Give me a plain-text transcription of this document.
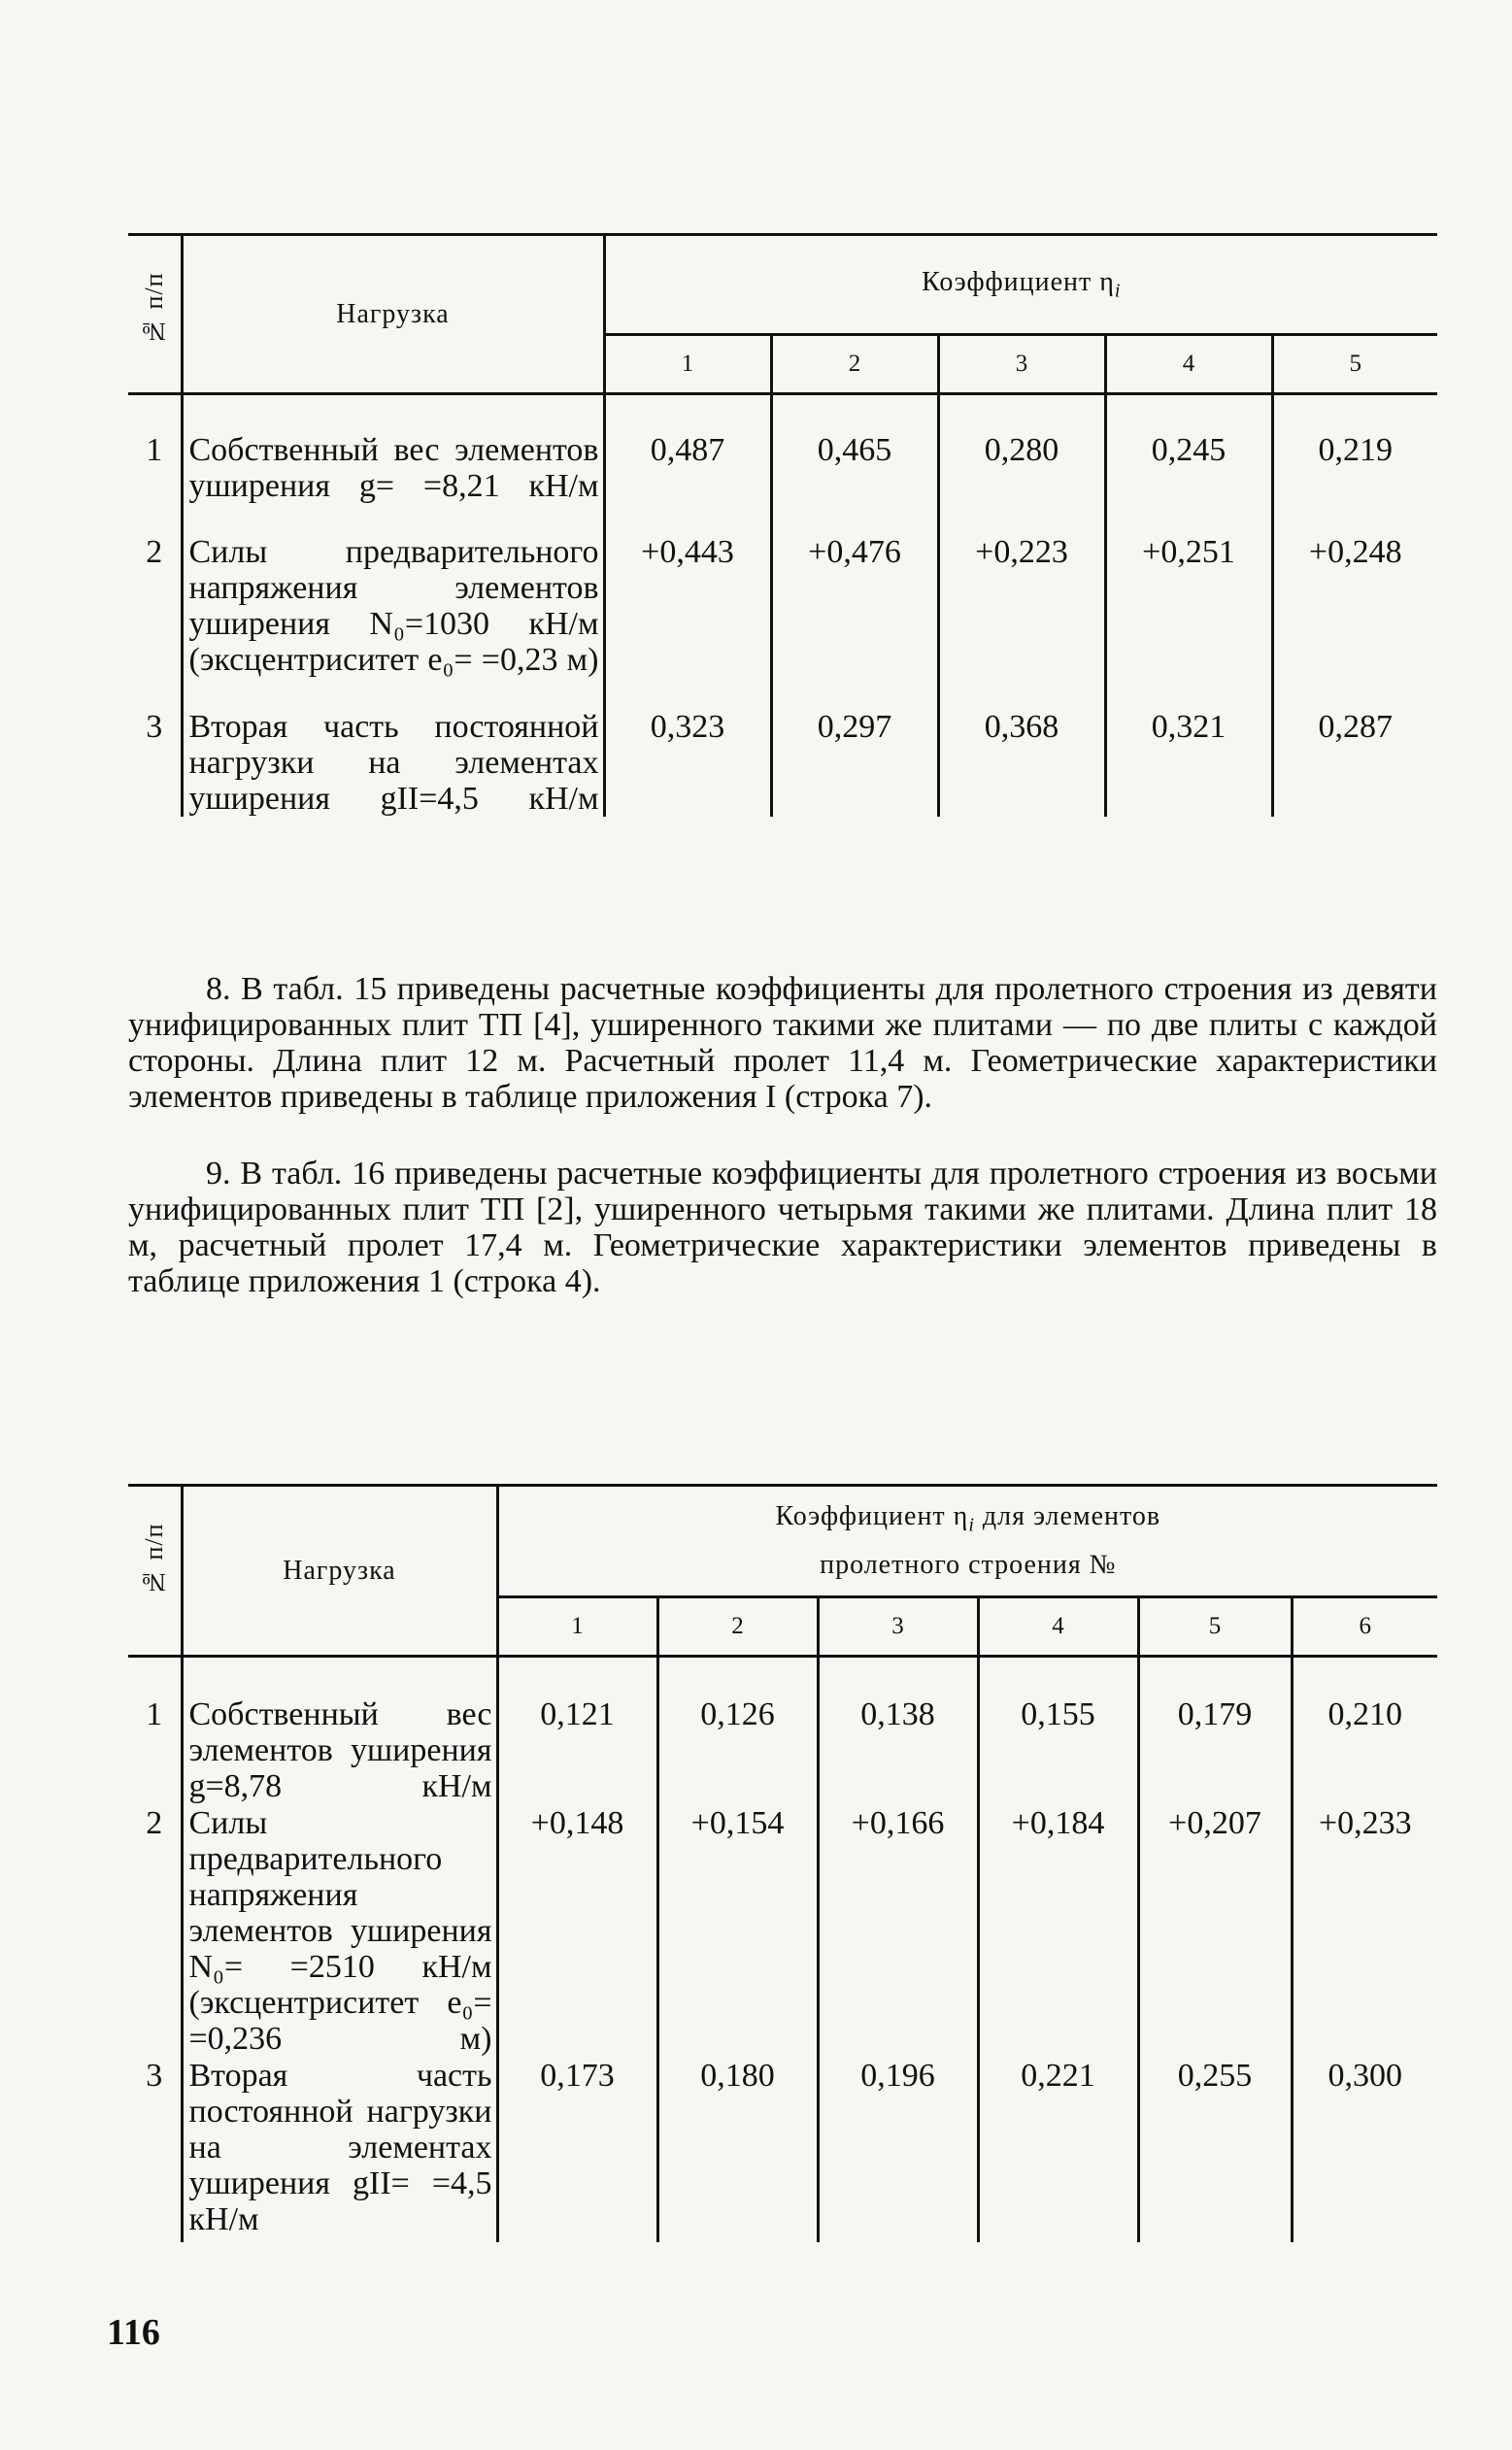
№ п/п	Нагрузка	Коэффициент $\eta_i$
		1	2	3	4	5
1	Собственный вес элементов уширения g= =8,21 кН/м	0,487	0,465	0,280	0,245	0,219
2	Силы предварительного напряжения элементов уширения N₀=1030 кН/м (эксцентриситет e₀= =0,23 м)	+0,443	+0,476	+0,223	+0,251	+0,248
3	Вторая часть постоянной нагрузки на элементах уширения gII=4,5 кН/м	0,323	0,297	0,368	0,321	0,287

8. В табл. 15 приведены расчетные коэффициенты для пролетного строения из девяти унифицированных плит ТП [4], уширенного такими же плитами — по две плиты с каждой стороны. Длина плит 12 м. Расчетный пролет 11,4 м. Геометрические характеристики элементов приведены в таблице приложения I (строка 7).

9. В табл. 16 приведены расчетные коэффициенты для пролетного строения из восьми унифицированных плит ТП [2], уширенного четырьмя такими же плитами. Длина плит 18 м, расчетный пролет 17,4 м. Геометрические характеристики элементов приведены в таблице приложения 1 (строка 4).

№ п/п	Нагрузка	Коэффициент $\eta_i$ для элементов
пролетного строения №					
		1	2	3	4	5	6
1	Собственный вес элементов уширения g=8,78 кН/м	0,121	0,126	0,138	0,155	0,179	0,210
2	Силы предварительного напряжения элементов уширения N₀= =2510 кН/м (эксцентриситет e₀= =0,236 м)	+0,148	+0,154	+0,166	+0,184	+0,207	+0,233
3	Вторая часть постоянной нагрузки на элементах уширения gII= =4,5 кН/м	0,173	0,180	0,196	0,221	0,255	0,300
116
